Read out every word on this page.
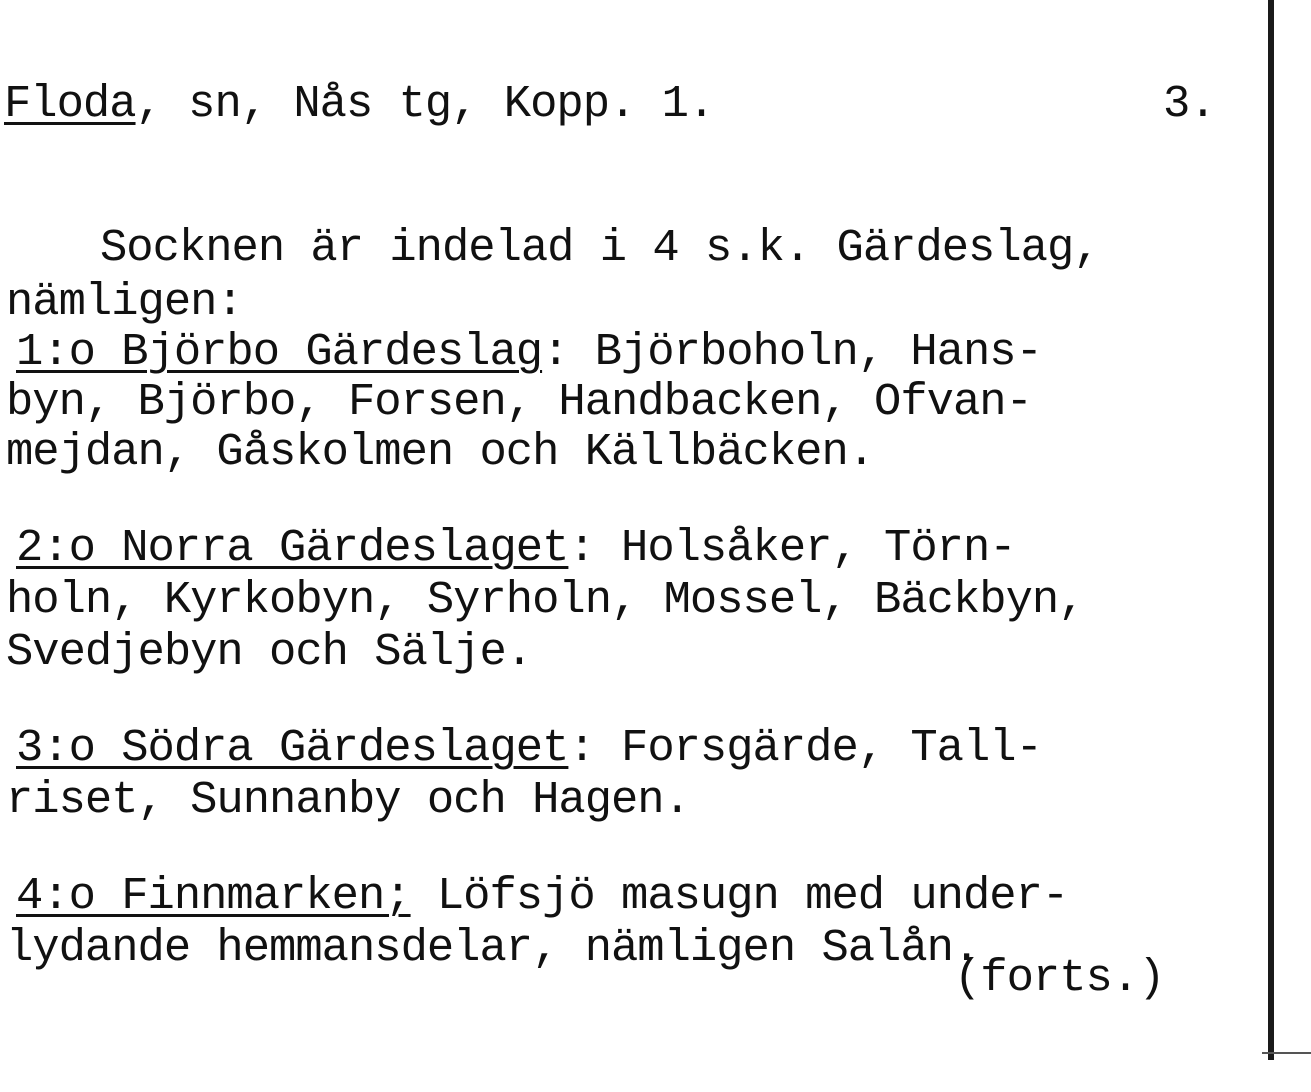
Floda, sn, Nås tg, Kopp. 1.	3.
Socknen är indelad i 4 s.k. Gärdeslag,
nämligen:
1:o Björbo Gärdeslag: Björboholn, Hans-
byn, Björbo, Forsen, Handbacken, Ofvan-
mejdan, Gåskolmen och Källbäcken.
2:o Norra Gärdeslaget: Holsåker, Törn-
holn, Kyrkobyn, Syrholn, Mossel, Bäckbyn,
Svedjebyn och Sälje.
3:o Södra Gärdeslaget: Forsgärde, Tall-
riset, Sunnanby och Hagen.
4:o Finnmarken; Löfsjö masugn med under-
lydande hemmansdelar, nämligen Salån.
(forts.)
